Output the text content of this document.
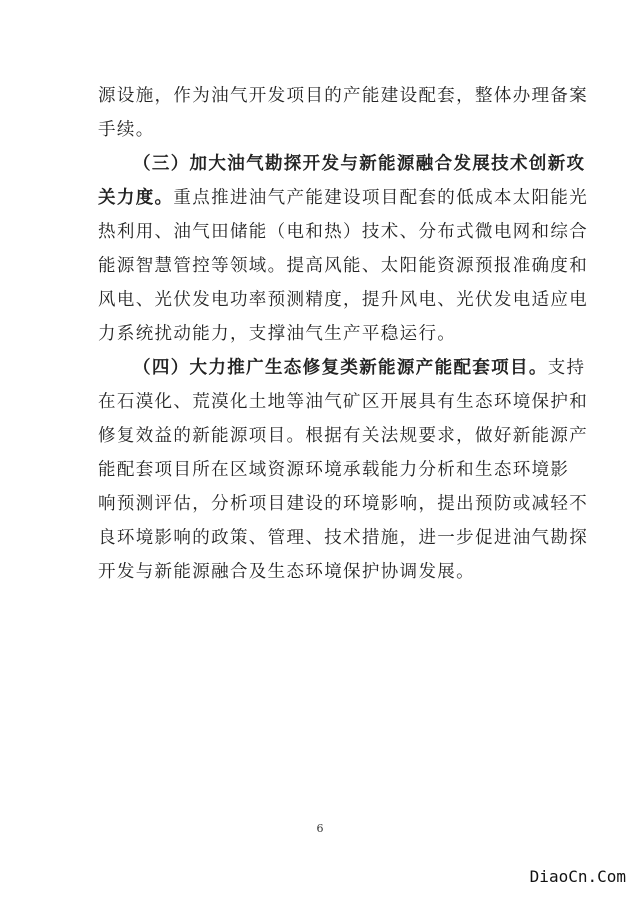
源设施，作为油气开发项目的产能建设配套，整体办理备案
手续。
（三）加大油气勘探开发与新能源融合发展技术创新攻
关力度。重点推进油气产能建设项目配套的低成本太阳能光
热利用、油气田储能（电和热）技术、分布式微电网和综合
能源智慧管控等领域。提高风能、太阳能资源预报准确度和
风电、光伏发电功率预测精度，提升风电、光伏发电适应电
力系统扰动能力，支撑油气生产平稳运行。
（四）大力推广生态修复类新能源产能配套项目。支持
在石漠化、荒漠化土地等油气矿区开展具有生态环境保护和
修复效益的新能源项目。根据有关法规要求，做好新能源产
能配套项目所在区域资源环境承载能力分析和生态环境影
响预测评估，分析项目建设的环境影响，提出预防或减轻不
良环境影响的政策、管理、技术措施，进一步促进油气勘探
开发与新能源融合及生态环境保护协调发展。
6
DiaoCn.Com
